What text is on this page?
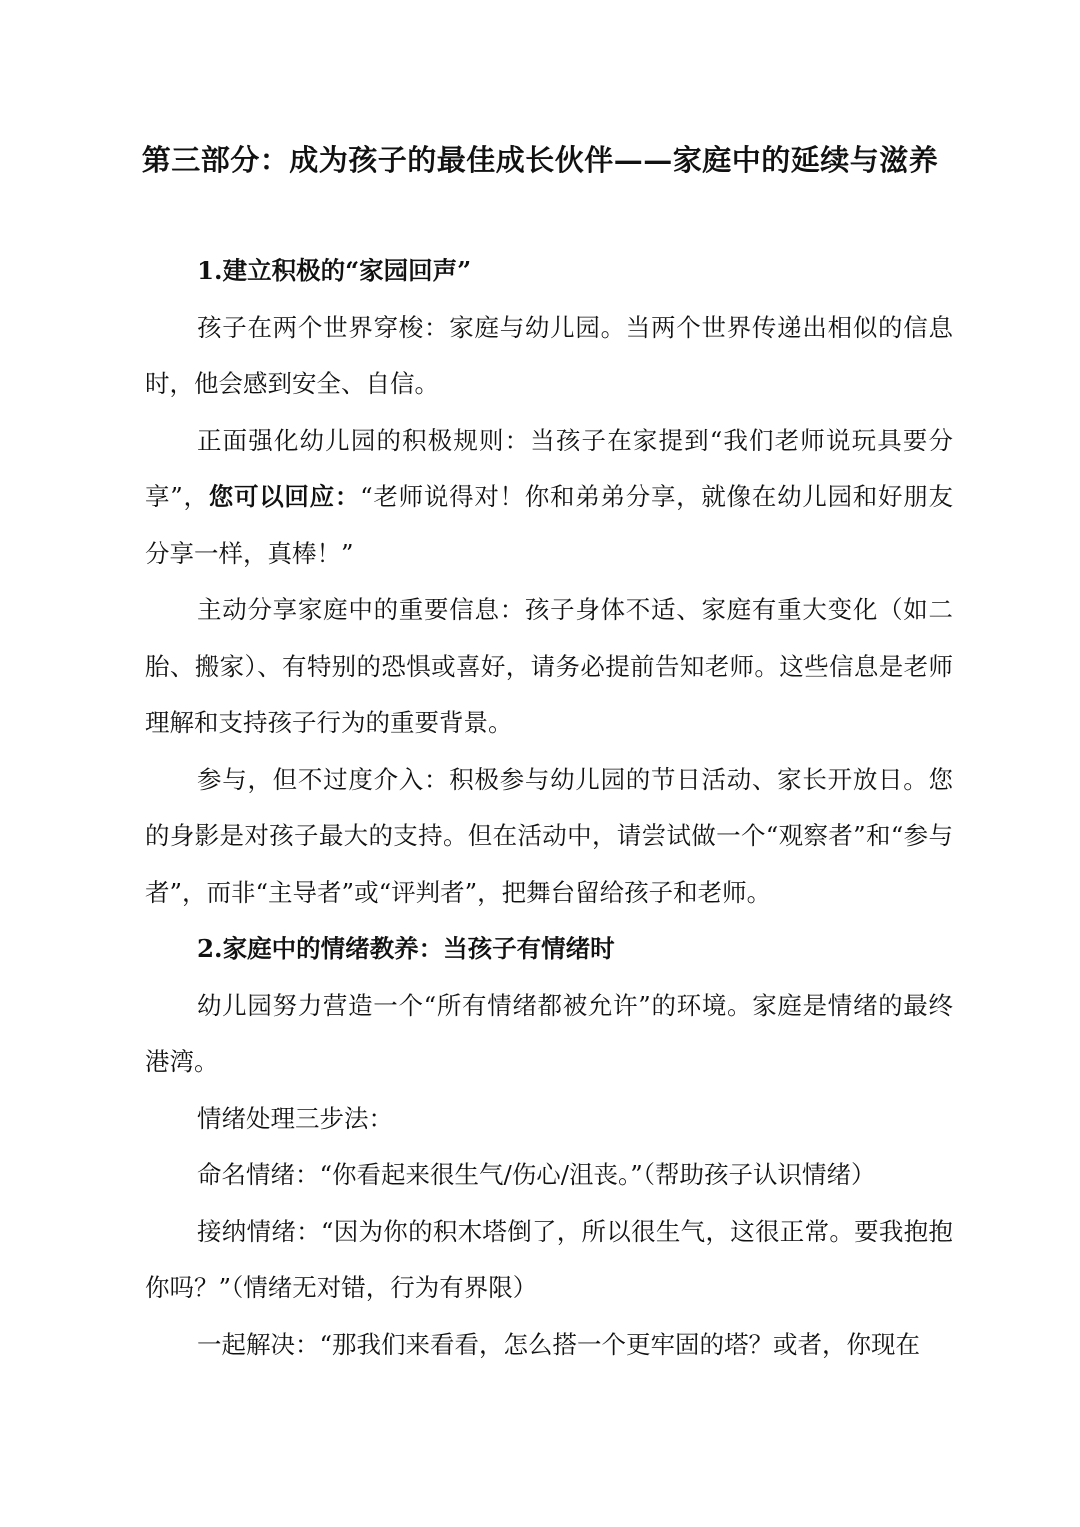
第三部分：成为孩子的最佳成长伙伴——家庭中的延续与滋养

1.建立积极的“家园回声”

孩子在两个世界穿梭：家庭与幼儿园。当两个世界传递出相似的信息时，他会感到安全、自信。

正面强化幼儿园的积极规则：当孩子在家提到“我们老师说玩具要分享”，您可以回应：“老师说得对！你和弟弟分享，就像在幼儿园和好朋友分享一样，真棒！”

主动分享家庭中的重要信息：孩子身体不适、家庭有重大变化（如二胎、搬家）、有特别的恐惧或喜好，请务必提前告知老师。这些信息是老师理解和支持孩子行为的重要背景。

参与，但不过度介入：积极参与幼儿园的节日活动、家长开放日。您的身影是对孩子最大的支持。但在活动中，请尝试做一个“观察者”和“参与者”，而非“主导者”或“评判者”，把舞台留给孩子和老师。

2.家庭中的情绪教养：当孩子有情绪时

幼儿园努力营造一个“所有情绪都被允许”的环境。家庭是情绪的最终港湾。

情绪处理三步法：

命名情绪：“你看起来很生气/伤心/沮丧。”（帮助孩子认识情绪）

接纳情绪：“因为你的积木塔倒了，所以很生气，这很正常。要我抱抱你吗？”（情绪无对错，行为有界限）

一起解决：“那我们来看看，怎么搭一个更牢固的塔？或者，你现在
